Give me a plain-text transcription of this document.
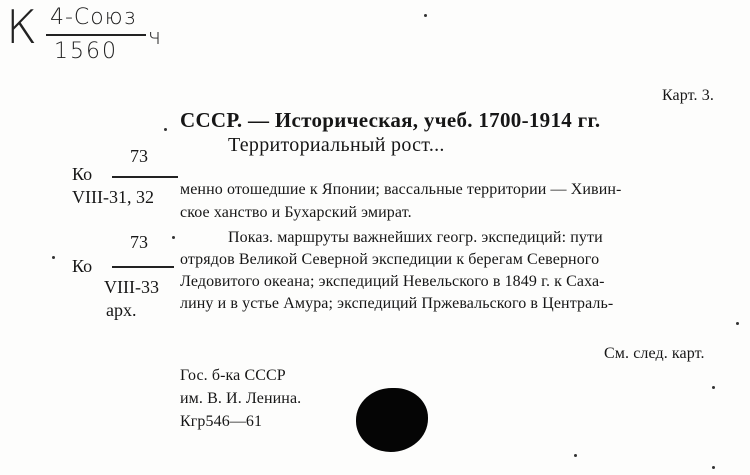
К 4-Союз
1560
ч
Карт. 3.
СССР. — Историческая, учеб. 1700-1914 гг.
Территориальный рост...
73
Ко
VIII-31, 32
73
Ко
VIII-33
арх.
менно отошедшие к Японии; вассальные территории — Хивин-
ское ханство и Бухарский эмират.
Показ. маршруты важнейших геогр. экспедиций: пути
отрядов Великой Северной экспедиции к берегам Северного
Ледовитого океана; экспедиций Невельского в 1849 г. к Саха-
лину и в устье Амура; экспедиций Пржевальского в Централь-
См. след. карт.
Гос. б-ка СССР
им. В. И. Ленина.
Кгр546—61
